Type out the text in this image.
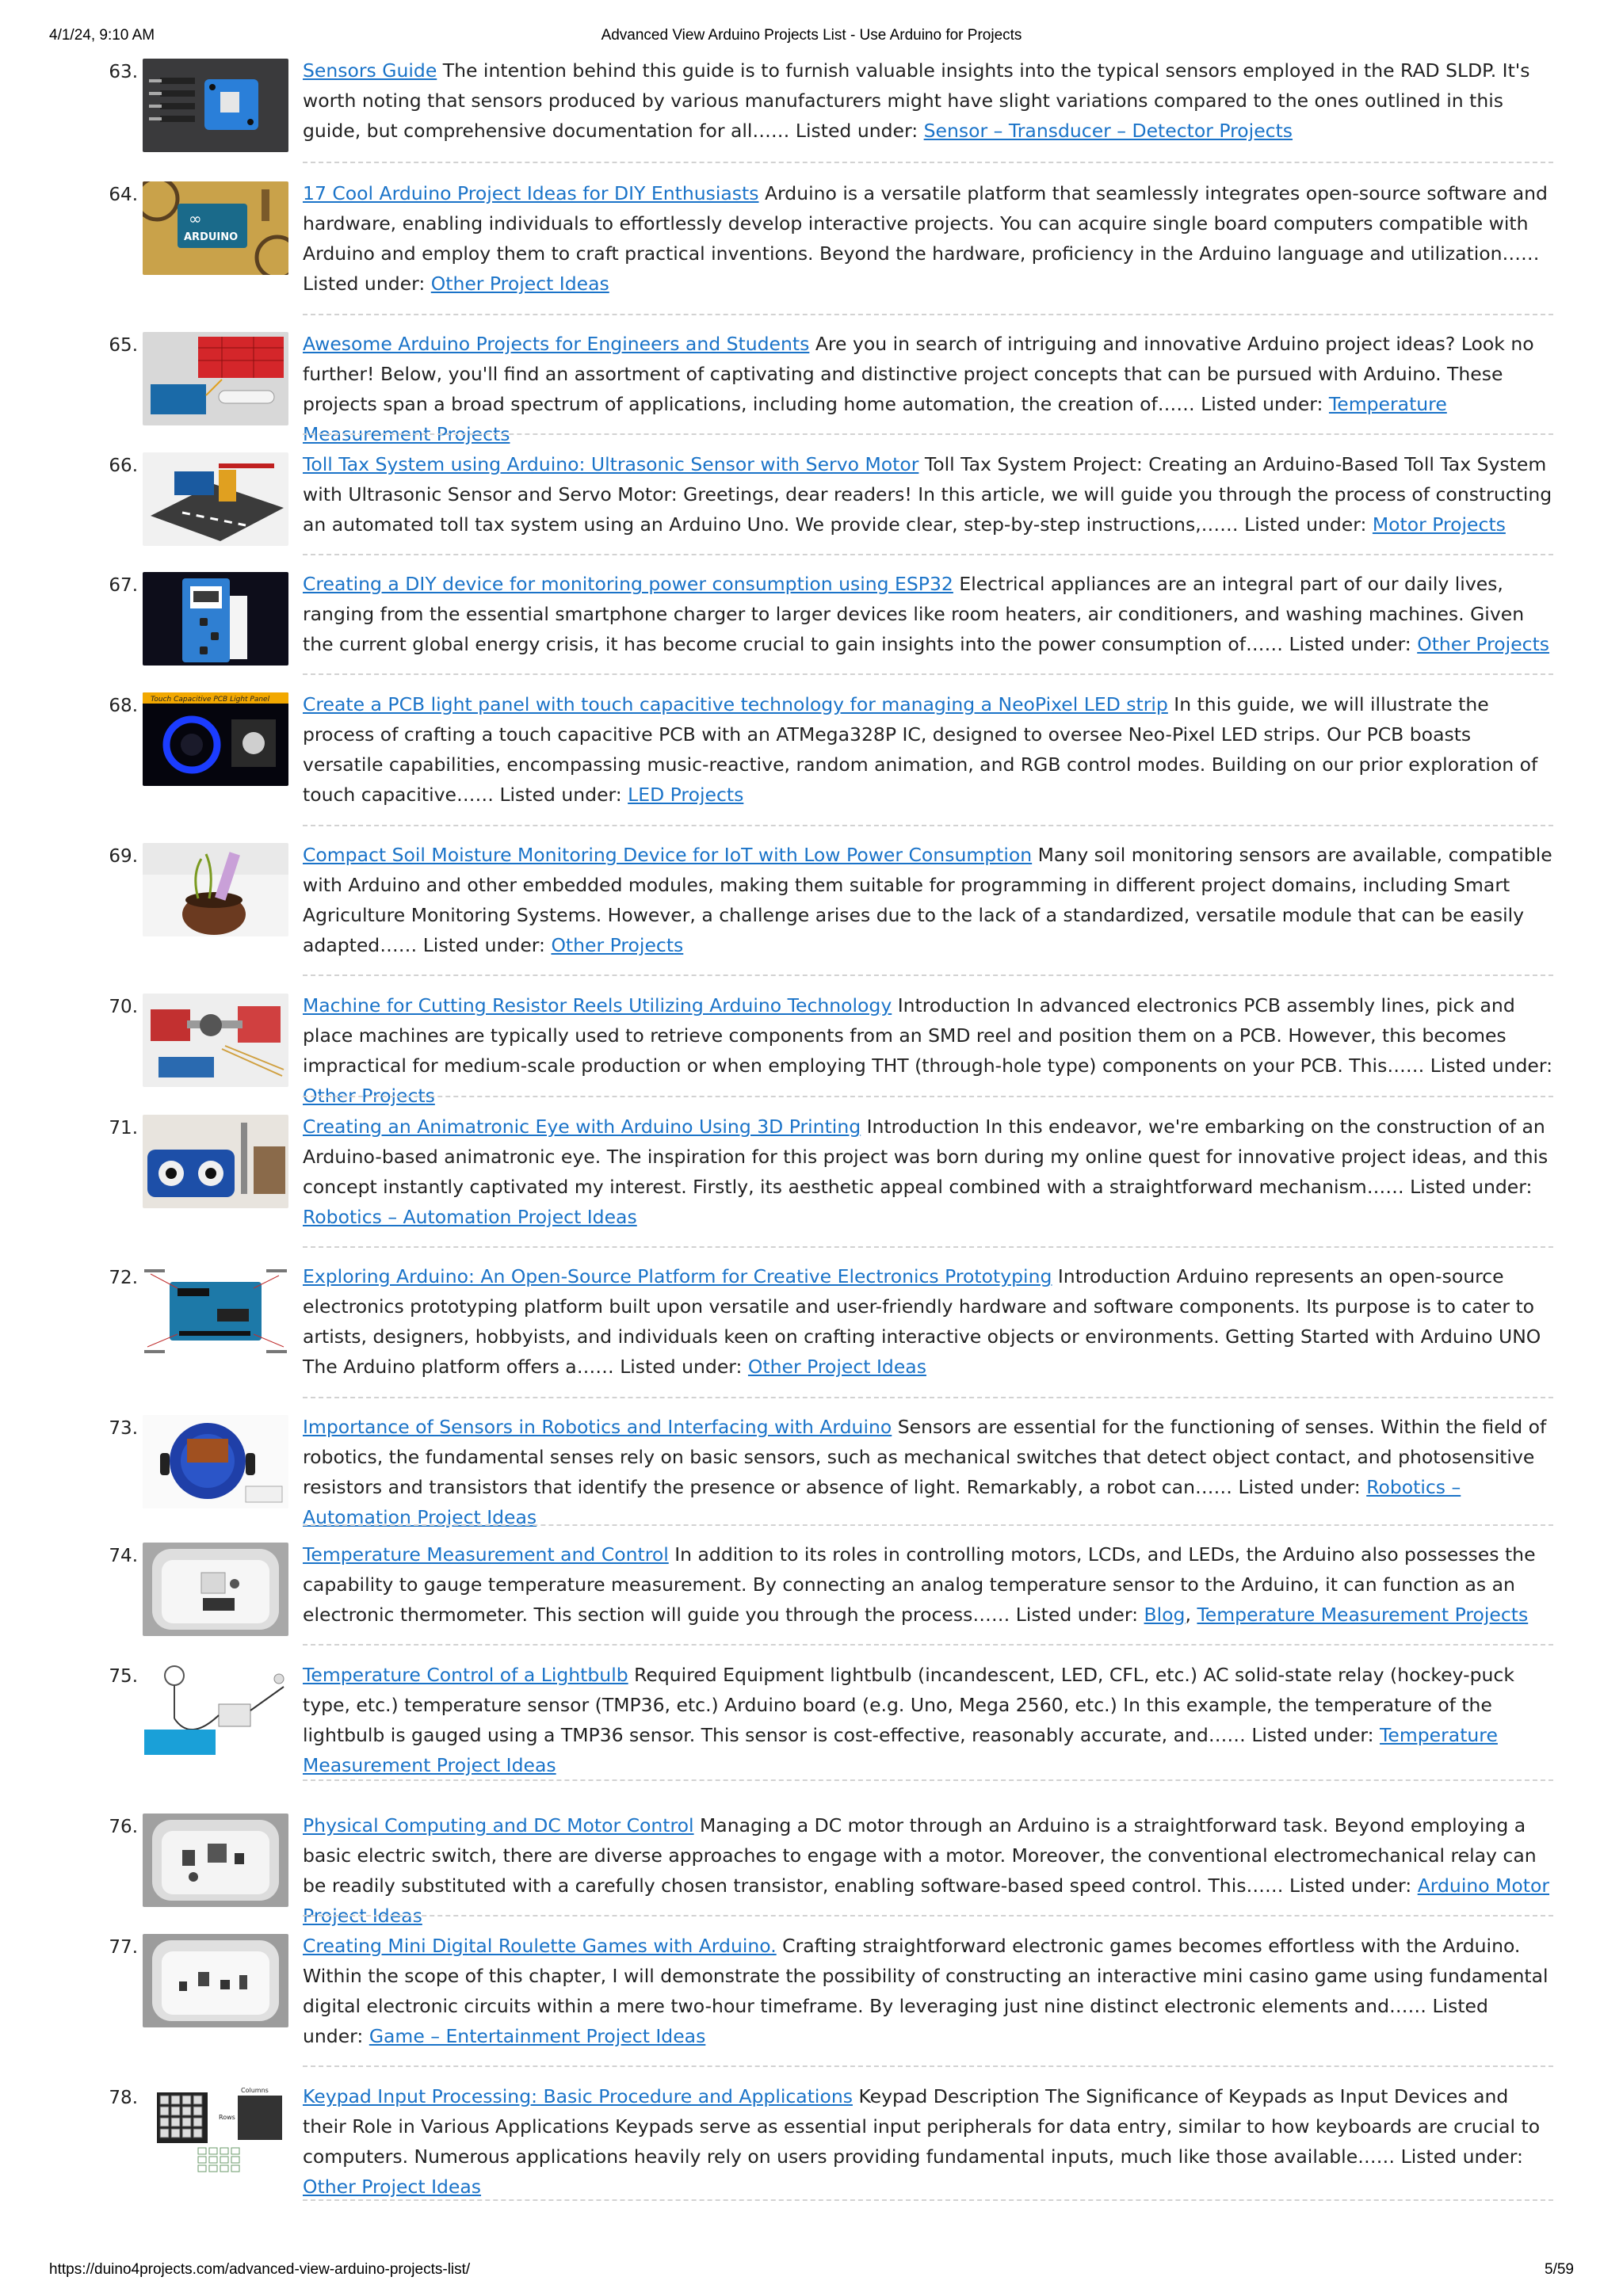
4/1/24, 9:10 AM	Advanced View Arduino Projects List - Use Arduino for Projects
63.	Sensors Guide The intention behind this guide is to furnish valuable insights into the typical sensors employed in the RAD SLDP. It's worth noting that sensors produced by various manufacturers might have slight variations compared to the ones outlined in this guide, but comprehensive documentation for all…… Listed under: Sensor – Transducer – Detector Projects
64.
∞
ARDUINO
17 Cool Arduino Project Ideas for DIY Enthusiasts Arduino is a versatile platform that seamlessly integrates open-source software and hardware, enabling individuals to effortlessly develop interactive projects. You can acquire single board computers compatible with Arduino and employ them to craft practical inventions. Beyond the hardware, proficiency in the Arduino language and utilization…… Listed under: Other Project Ideas
65.	Awesome Arduino Projects for Engineers and Students Are you in search of intriguing and innovative Arduino project ideas? Look no further! Below, you'll find an assortment of captivating and distinctive project concepts that can be pursued with Arduino. These projects span a broad spectrum of applications, including home automation, the creation of…… Listed under: Temperature Measurement Projects
66.	Toll Tax System using Arduino: Ultrasonic Sensor with Servo Motor Toll Tax System Project: Creating an Arduino-Based Toll Tax System with Ultrasonic Sensor and Servo Motor: Greetings, dear readers! In this article, we will guide you through the process of constructing an automated toll tax system using an Arduino Uno. We provide clear, step-by-step instructions,…… Listed under: Motor Projects
67.	Creating a DIY device for monitoring power consumption using ESP32 Electrical appliances are an integral part of our daily lives, ranging from the essential smartphone charger to larger devices like room heaters, air conditioners, and washing machines. Given the current global energy crisis, it has become crucial to gain insights into the power consumption of…… Listed under: Other Projects
68. Touch Capacitive PCB Light Panel Create a PCB light panel with touch capacitive technology for managing a NeoPixel LED strip In this guide, we will illustrate the process of crafting a touch capacitive PCB with an ATMega328P IC, designed to oversee Neo-Pixel LED strips. Our PCB boasts versatile capabilities, encompassing music-reactive, random animation, and RGB control modes. Building on our prior exploration of touch capacitive…… Listed under: LED Projects
69.	Compact Soil Moisture Monitoring Device for IoT with Low Power Consumption Many soil monitoring sensors are available, compatible with Arduino and other embedded modules, making them suitable for programming in different project domains, including Smart Agriculture Monitoring Systems. However, a challenge arises due to the lack of a standardized, versatile module that can be easily adapted…… Listed under: Other Projects
70.	Machine for Cutting Resistor Reels Utilizing Arduino Technology Introduction In advanced electronics PCB assembly lines, pick and place machines are typically used to retrieve components from an SMD reel and position them on a PCB. However, this becomes impractical for medium-scale production or when employing THT (through-hole type) components on your PCB. This…… Listed under: Other Projects
71.	Creating an Animatronic Eye with Arduino Using 3D Printing Introduction In this endeavor, we're embarking on the construction of an Arduino-based animatronic eye. The inspiration for this project was born during my online quest for innovative project ideas, and this concept instantly captivated my interest. Firstly, its aesthetic appeal combined with a straightforward mechanism…… Listed under: Robotics – Automation Project Ideas
72.	Exploring Arduino: An Open-Source Platform for Creative Electronics Prototyping Introduction Arduino represents an open-source electronics prototyping platform built upon versatile and user-friendly hardware and software components. Its purpose is to cater to artists, designers, hobbyists, and individuals keen on crafting interactive objects or environments. Getting Started with Arduino UNO The Arduino platform offers a…… Listed under: Other Project Ideas
73.	Importance of Sensors in Robotics and Interfacing with Arduino Sensors are essential for the functioning of senses. Within the field of robotics, the fundamental senses rely on basic sensors, such as mechanical switches that detect object contact, and photosensitive resistors and transistors that identify the presence or absence of light. Remarkably, a robot can…… Listed under: Robotics – Automation Project Ideas
74.	Temperature Measurement and Control In addition to its roles in controlling motors, LCDs, and LEDs, the Arduino also possesses the capability to gauge temperature measurement. By connecting an analog temperature sensor to the Arduino, it can function as an electronic thermometer. This section will guide you through the process…… Listed under: Blog, Temperature Measurement Projects
75.	Temperature Control of a Lightbulb Required Equipment lightbulb (incandescent, LED, CFL, etc.) AC solid-state relay (hockey-puck type, etc.) temperature sensor (TMP36, etc.) Arduino board (e.g. Uno, Mega 2560, etc.) In this example, the temperature of the lightbulb is gauged using a TMP36 sensor. This sensor is cost-effective, reasonably accurate, and…… Listed under: Temperature Measurement Project Ideas
76.	Physical Computing and DC Motor Control Managing a DC motor through an Arduino is a straightforward task. Beyond employing a basic electric switch, there are diverse approaches to engage with a motor. Moreover, the conventional electromechanical relay can be readily substituted with a carefully chosen transistor, enabling software-based speed control. This…… Listed under: Arduino Motor Project Ideas
77.	Creating Mini Digital Roulette Games with Arduino. Crafting straightforward electronic games becomes effortless with the Arduino. Within the scope of this chapter, I will demonstrate the possibility of constructing an interactive mini casino game using fundamental digital electronic circuits within a mere two-hour timeframe. By leveraging just nine distinct electronic elements and…… Listed under: Game – Entertainment Project Ideas
78.	Columns
Rows
Keypad Input Processing: Basic Procedure and Applications Keypad Description The Significance of Keypads as Input Devices and their Role in Various Applications Keypads serve as essential input peripherals for data entry, similar to how keyboards are crucial to computers. Numerous applications heavily rely on users providing fundamental inputs, much like those available…… Listed under: Other Project Ideas
https://duino4projects.com/advanced-view-arduino-projects-list/	5/59
